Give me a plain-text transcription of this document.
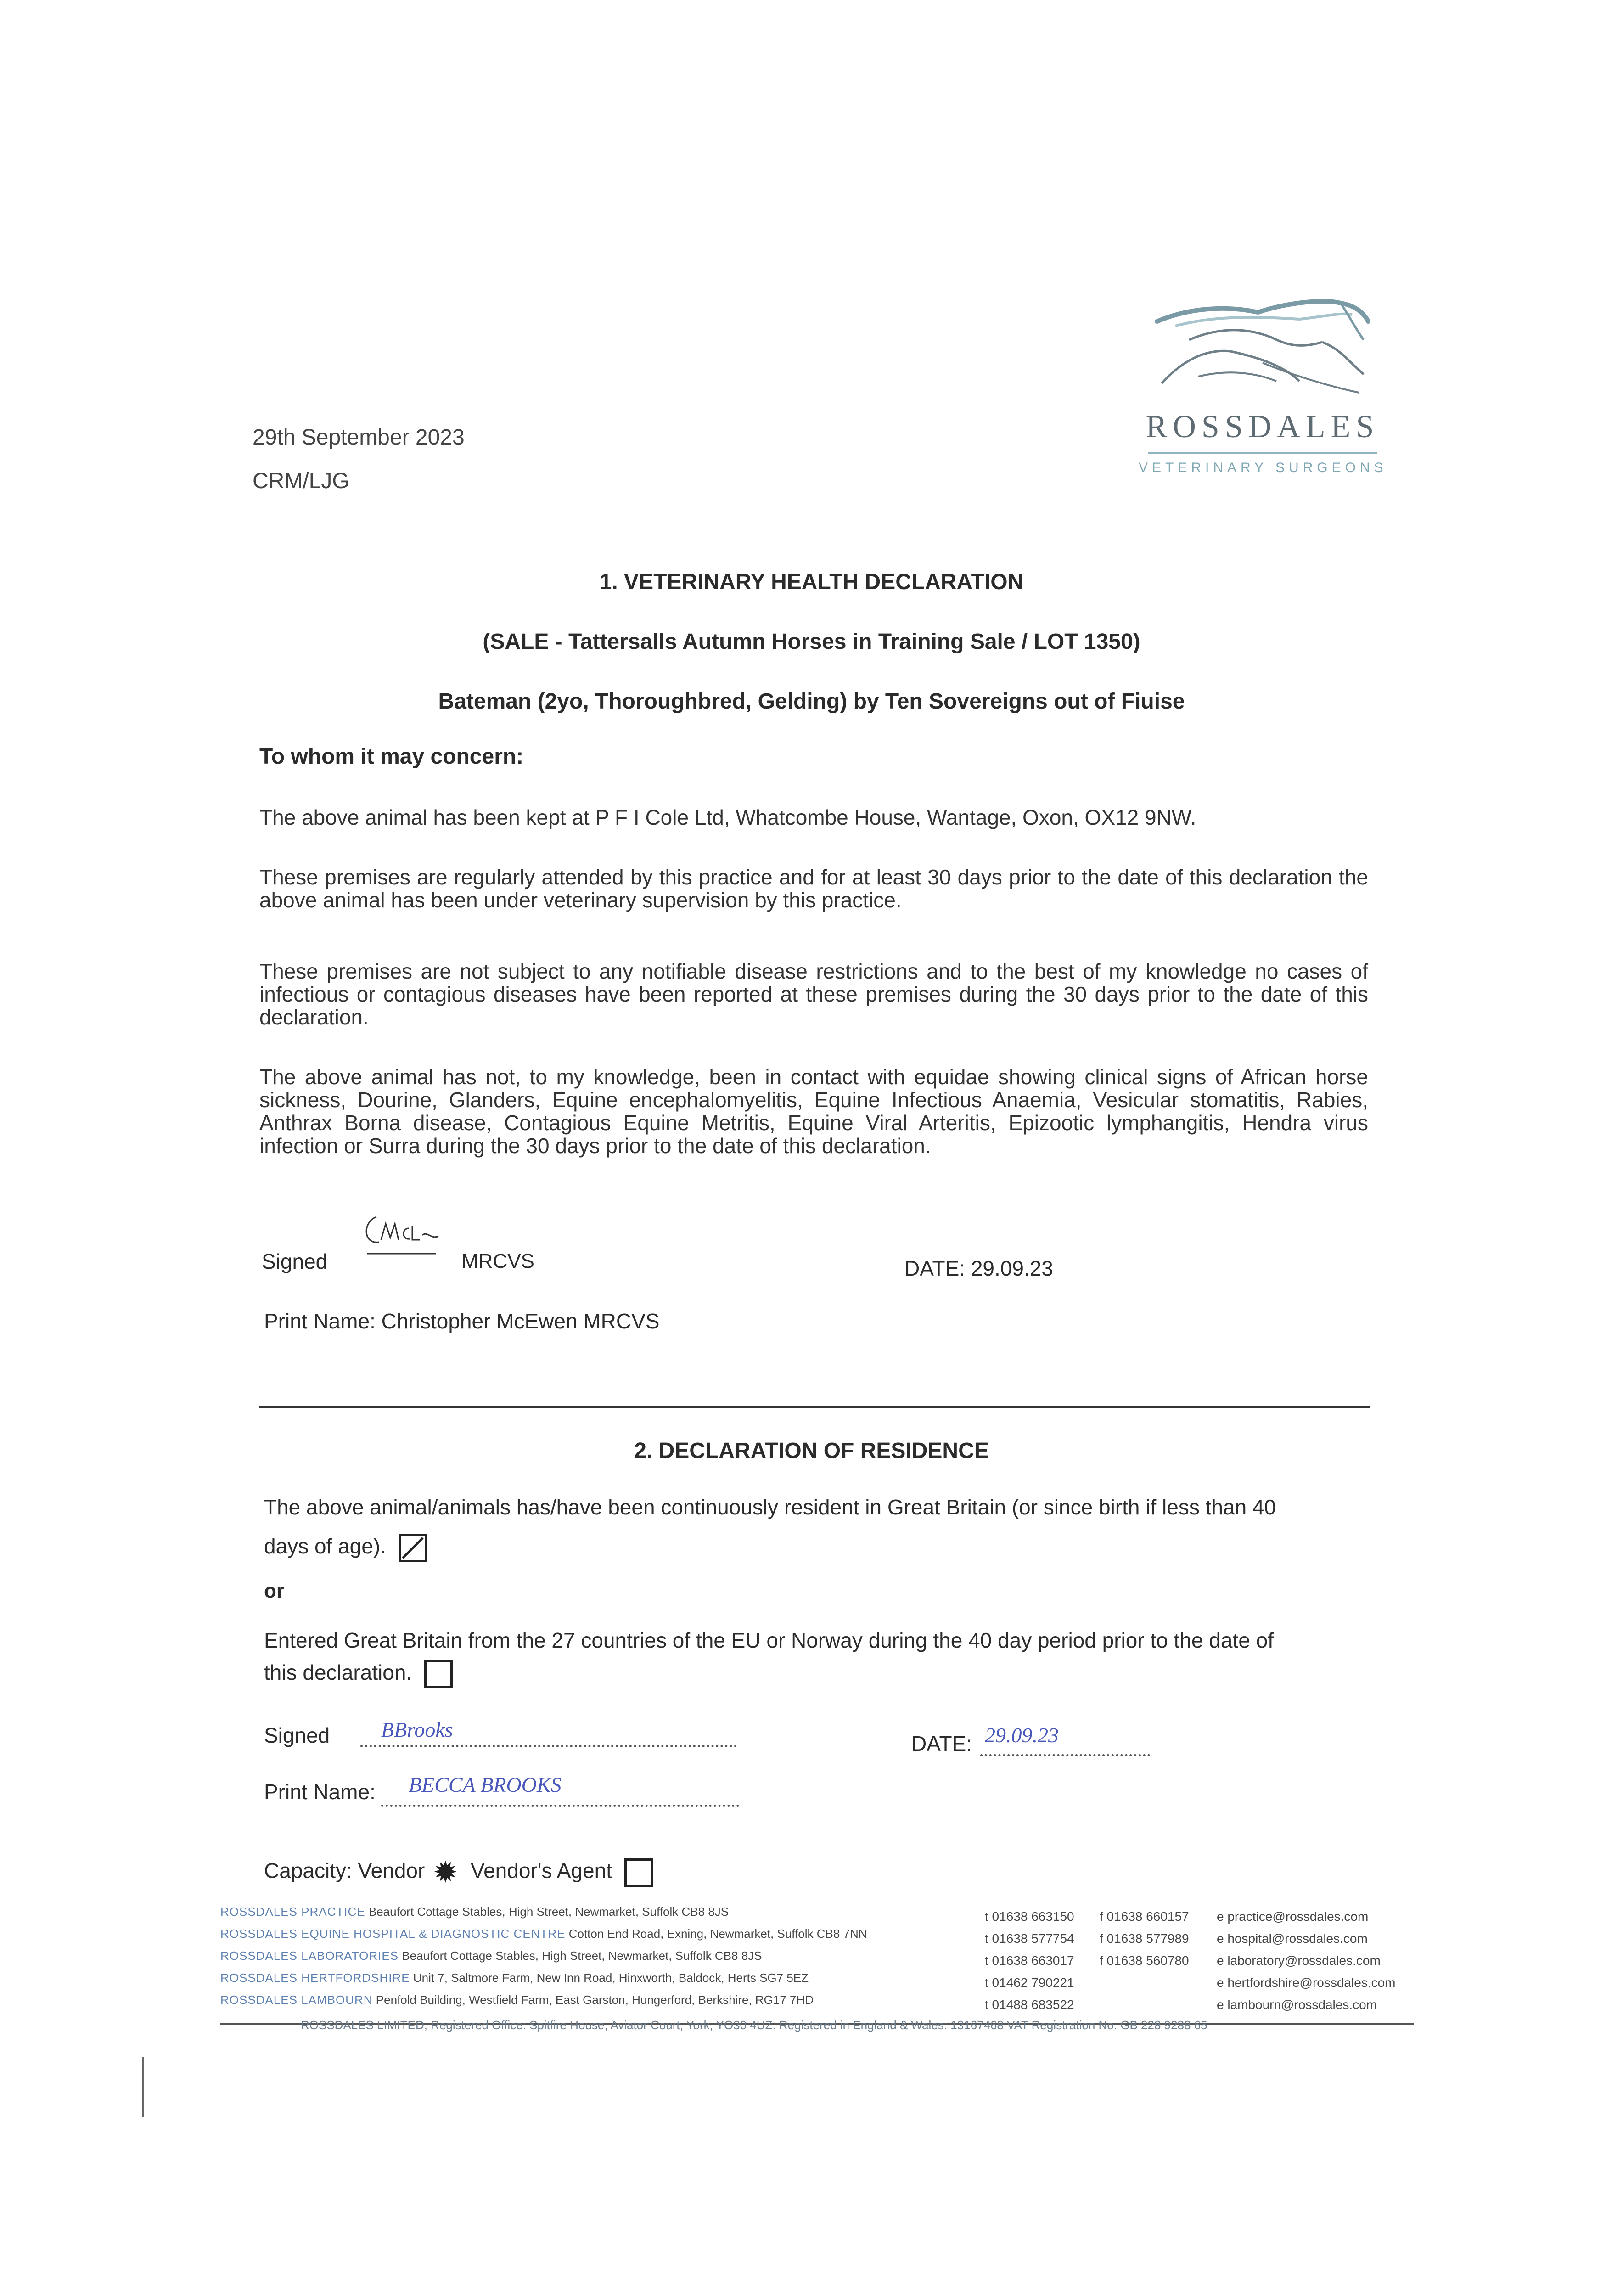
29th September 2023
CRM/LJG
ROSSDALES
VETERINARY SURGEONS
1. VETERINARY HEALTH DECLARATION
(SALE - Tattersalls Autumn Horses in Training Sale / LOT 1350)
Bateman (2yo, Thoroughbred, Gelding) by Ten Sovereigns out of Fiuise
To whom it may concern:
The above animal has been kept at P F I Cole Ltd, Whatcombe House, Wantage, Oxon, OX12 9NW.
These premises are regularly attended by this practice and for at least 30 days prior to the date of this declaration the above animal has been under veterinary supervision by this practice.
These premises are not subject to any notifiable disease restrictions and to the best of my knowledge no cases of infectious or contagious diseases have been reported at these premises during the 30 days prior to the date of this declaration.
The above animal has not, to my knowledge, been in contact with equidae showing clinical signs of African horse sickness, Dourine, Glanders, Equine encephalomyelitis, Equine Infectious Anaemia, Vesicular stomatitis, Rabies, Anthrax Borna disease, Contagious Equine Metritis, Equine Viral Arteritis, Epizootic lymphangitis, Hendra virus infection or Surra during the 30 days prior to the date of this declaration.
Signed	MRCVS	DATE: 29.09.23
Print Name: Christopher McEwen MRCVS
2. DECLARATION OF RESIDENCE
The above animal/animals has/have been continuously resident in Great Britain (or since birth if less than 40
days of age).
or
Entered Great Britain from the 27 countries of the EU or Norway during the 40 day period prior to the date of
this declaration.
Signed BBrooks
DATE: 29.09.23
Print Name: BECCA BROOKS
Capacity: Vendor ✹ Vendor's Agent
ROSSDALES PRACTICE Beaufort Cottage Stables, High Street, Newmarket, Suffolk CB8 8JS
ROSSDALES EQUINE HOSPITAL & DIAGNOSTIC CENTRE Cotton End Road, Exning, Newmarket, Suffolk CB8 7NN
ROSSDALES LABORATORIES Beaufort Cottage Stables, High Street, Newmarket, Suffolk CB8 8JS
ROSSDALES HERTFORDSHIRE Unit 7, Saltmore Farm, New Inn Road, Hinxworth, Baldock, Herts SG7 5EZ
ROSSDALES LAMBOURN Penfold Building, Westfield Farm, East Garston, Hungerford, Berkshire, RG17 7HD
t 01638 663150 f 01638 660157 e practice@rossdales.com
t 01638 577754 f 01638 577989 e hospital@rossdales.com
t 01638 663017 f 01638 560780 e laboratory@rossdales.com
t 01462 790221	e hertfordshire@rossdales.com
t 01488 683522	e lambourn@rossdales.com
ROSSDALES LIMITED, Registered Office: Spitfire House, Aviator Court, York, YO30 4UZ. Registered in England & Wales: 13167468 VAT Registration No. GB 228 9288 65
